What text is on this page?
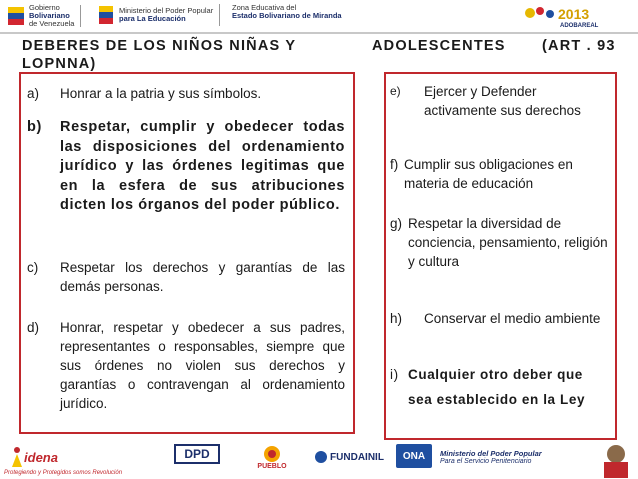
Gobierno
Bolivariano
de Venezuela
Ministerio del Poder Popular
para La Educación
Zona Educativa del
Estado Bolivariano de Miranda	2013
ADOBAREAL
DEBERES DE LOS NIÑOS NIÑAS Y	ADOLESCENTES	(ART . 93
LOPNNA)
a) Honrar a la patria y sus símbolos.
b) Respetar, cumplir y obedecer todas las disposiciones del ordenamiento jurídico y las órdenes legitimas que en la esfera de sus atribuciones dicten los órganos del poder público.
c) Respetar los derechos y garantías de las demás personas.
d) Honrar, respetar y obedecer a sus padres, representantes o responsables, siempre que sus órdenes no violen sus derechos y garantías o contravengan al ordenamiento jurídico.
e) Ejercer y Defender activamente sus derechos
f) Cumplir sus obligaciones en materia de educación
g) Respetar la diversidad de conciencia, pensamiento, religión y cultura
h) Conservar el medio ambiente
i) Cualquier otro deber que sea establecido en la Ley
idena
Protegiendo y Protegidos somos Revolución
DPD
PUEBLO
FUNDAINIL ONA Ministerio del Poder Popular
Para el Servicio Penitenciario
